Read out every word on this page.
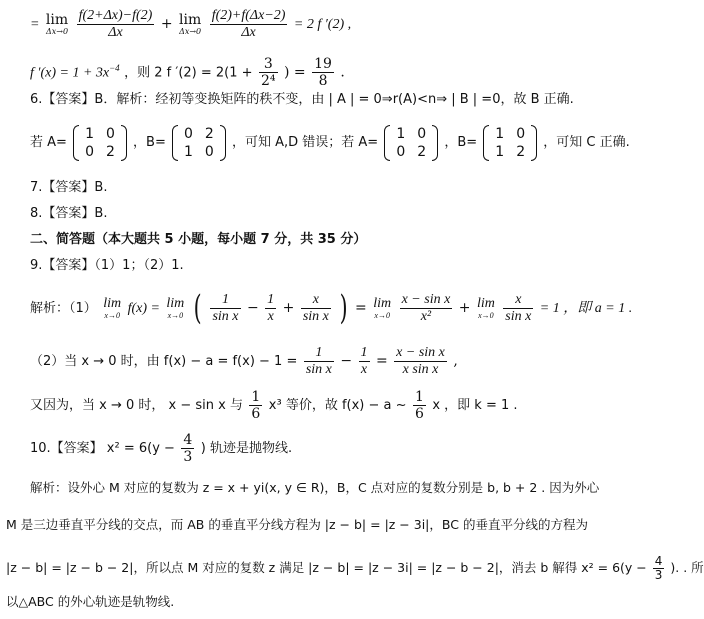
= lim
Δx→0
$\frac{f(2+\Delta x)-f(2)}{\Delta x} + \lim$
Δx→0
$\frac{f(2)+f(\Delta x-2)}{\Delta x} = 2$ f ′(2) ,
f $'(x) = 1 + 3x^{-4}$ ，则 2 f $'(2) = 2(1 + \frac{3}{\text{2⁴}}$ ) = $\frac{19}{8}$ .
6.【答案】B．解析：经初等变换矩阵的秩不变，由 | A | = 0⇒r(A)<n⇒ | B | =0，故 B 正确.
若 A=
1	0
0	2
，B=
0	2
1	0
，可知 A,D 错误；若 A=
1	0
0	2
，B=
1	0
1	2
，可知 C 正确.
7.【答案】B.
8.【答案】B.
二、简答题（本大题共 5 小题，每小题 7 分，共 35 分）
9.【答案】（1）1；（2）1.
解析：（1） lim
x→0 f(x) = lim
x→0 ( $\frac{1}{\text{sin x}} - \frac{1}{x} + \frac{x}{\text{sin x}}$ ) = lim
x→0
$\frac{\text{x − sin x}}{\text{x²}} + \lim$
x→0
$\frac{x}{\text{sin x}} = 1$ ，即 a = 1 .
（2）当 x → 0 时，由 $f(x) - a = f(x) - 1 = \frac{1}{\text{sin x}} - \frac{1}{x} = \frac{\text{x − sin x}}{\text{x sin x}}$ ,
又因为，当 x → 0 时， x − sin x 与 $\frac{1}{6} x^3$ 等价，故 f(x) − a ~ $\frac{1}{6}$ x ，即 k = 1 .
10.【答案】 $x^2 = 6(y - \frac{4}{3}$ ) 轨迹是抛物线.
解析：设外心 M 对应的复数为 z = x + yi(x, y ∈ R)，B，C 点对应的复数分别是 b, b + 2 . 因为外心
M 是三边垂直平分线的交点，而 AB 的垂直平分线方程为 |z − b| = |z − 3i|，BC 的垂直平分线的方程为
|z − b| = |z − b − 2|，所以点 M 对应的复数 z 满足 |z − b| = |z − 3i| = |z − b − 2|，消去 b 解得 $x^2 = 6(y - \frac{4}{3}$ ). . 所
以△ABC 的外心轨迹是轨物线.
